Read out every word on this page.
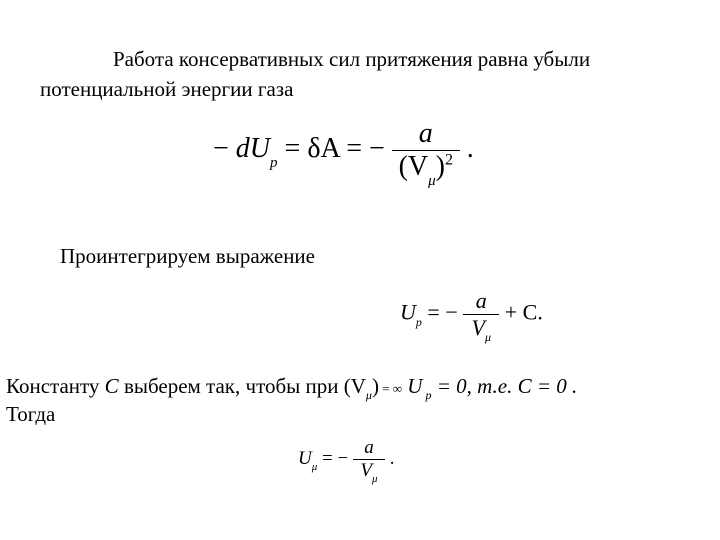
Работа консервативных сил притяжения равна убыли
потенциальной энергии газа
− $dU_p = \delta A$ = − $\frac{a}{(V_\mu)^2}$ .
Проинтегрируем выражение
$U_p$ = − $\frac{a}{V_\mu} + C$.
Константу C выберем так, чтобы при $(V_\mu)$ = ∞ U $_p$ = 0, т.е. C = 0 .
Тогда
$U_\mu$ = − $\frac{a}{V_\mu}$ .
